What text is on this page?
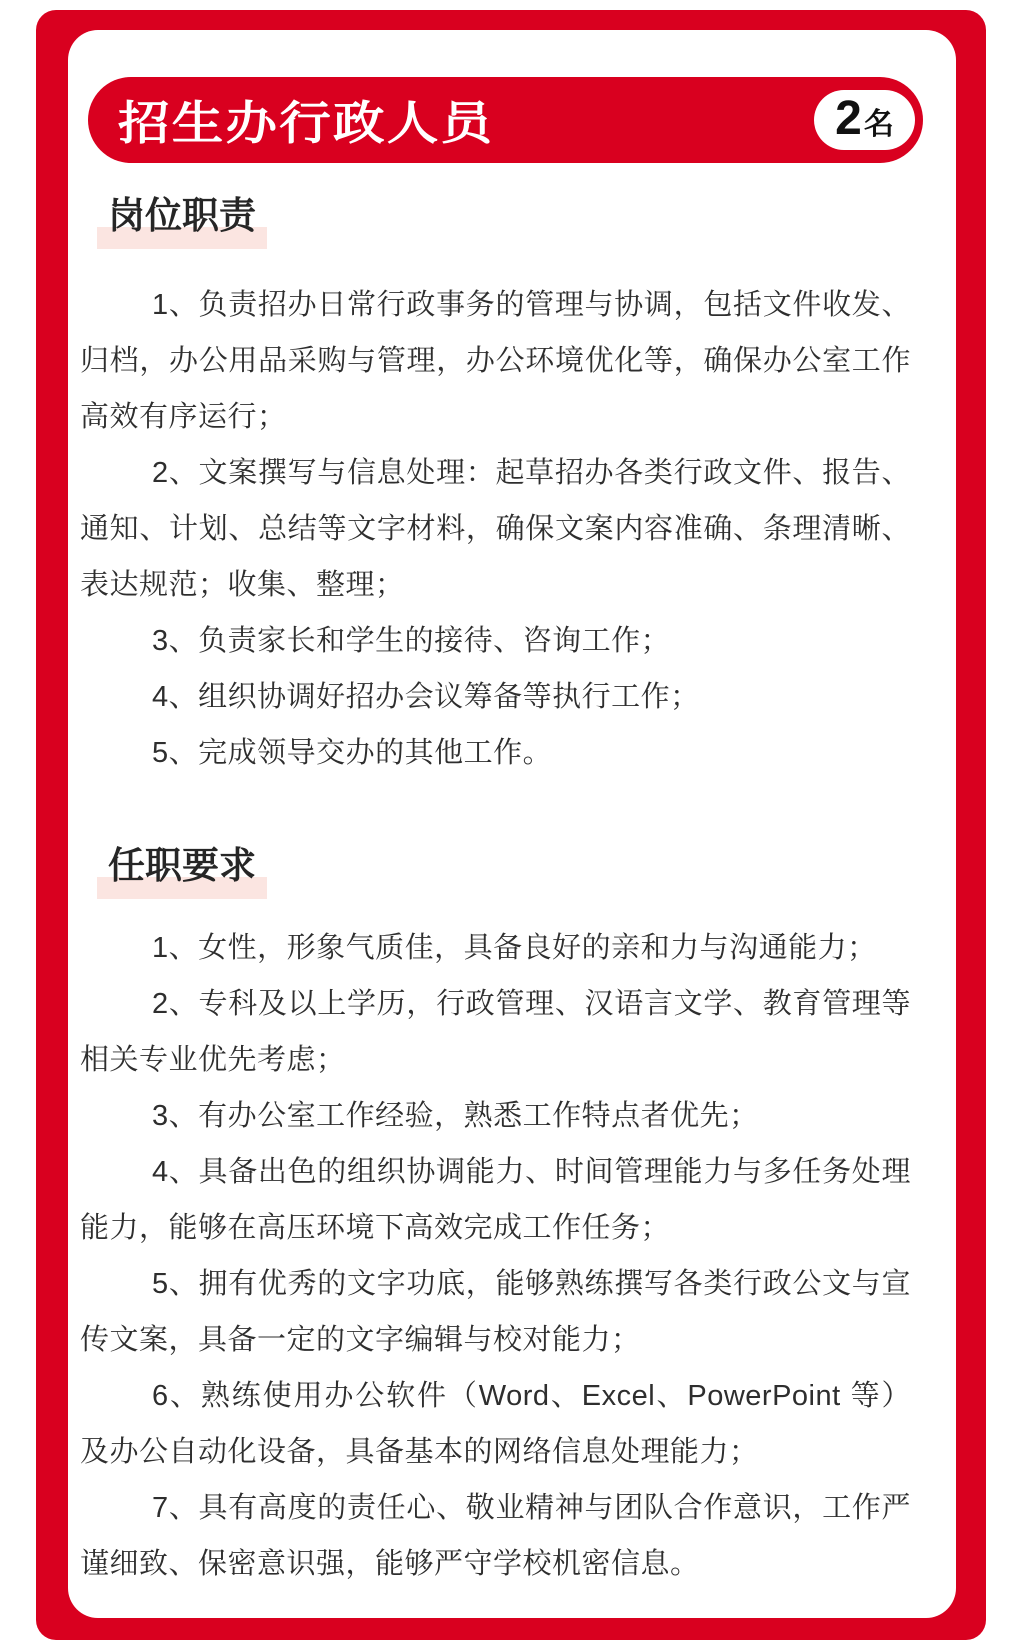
招生办行政人员	2 名
岗位职责

1、负责招办日常行政事务的管理与协调，包括文件收发、归档，办公用品采购与管理，办公环境优化等，确保办公室工作高效有序运行；

2、文案撰写与信息处理：起草招办各类行政文件、报告、通知、计划、总结等文字材料，确保文案内容准确、条理清晰、表达规范；收集、整理；

3、负责家长和学生的接待、咨询工作；

4、组织协调好招办会议筹备等执行工作；

5、完成领导交办的其他工作。

任职要求

1、女性，形象气质佳，具备良好的亲和力与沟通能力；

2、专科及以上学历，行政管理、汉语言文学、教育管理等相关专业优先考虑；

3、有办公室工作经验，熟悉工作特点者优先；

4、具备出色的组织协调能力、时间管理能力与多任务处理能力，能够在高压环境下高效完成工作任务；

5、拥有优秀的文字功底，能够熟练撰写各类行政公文与宣传文案，具备一定的文字编辑与校对能力；

6、熟练使用办公软件（Word、Excel、PowerPoint 等）及办公自动化设备，具备基本的网络信息处理能力；

7、具有高度的责任心、敬业精神与团队合作意识，工作严谨细致、保密意识强，能够严守学校机密信息。
